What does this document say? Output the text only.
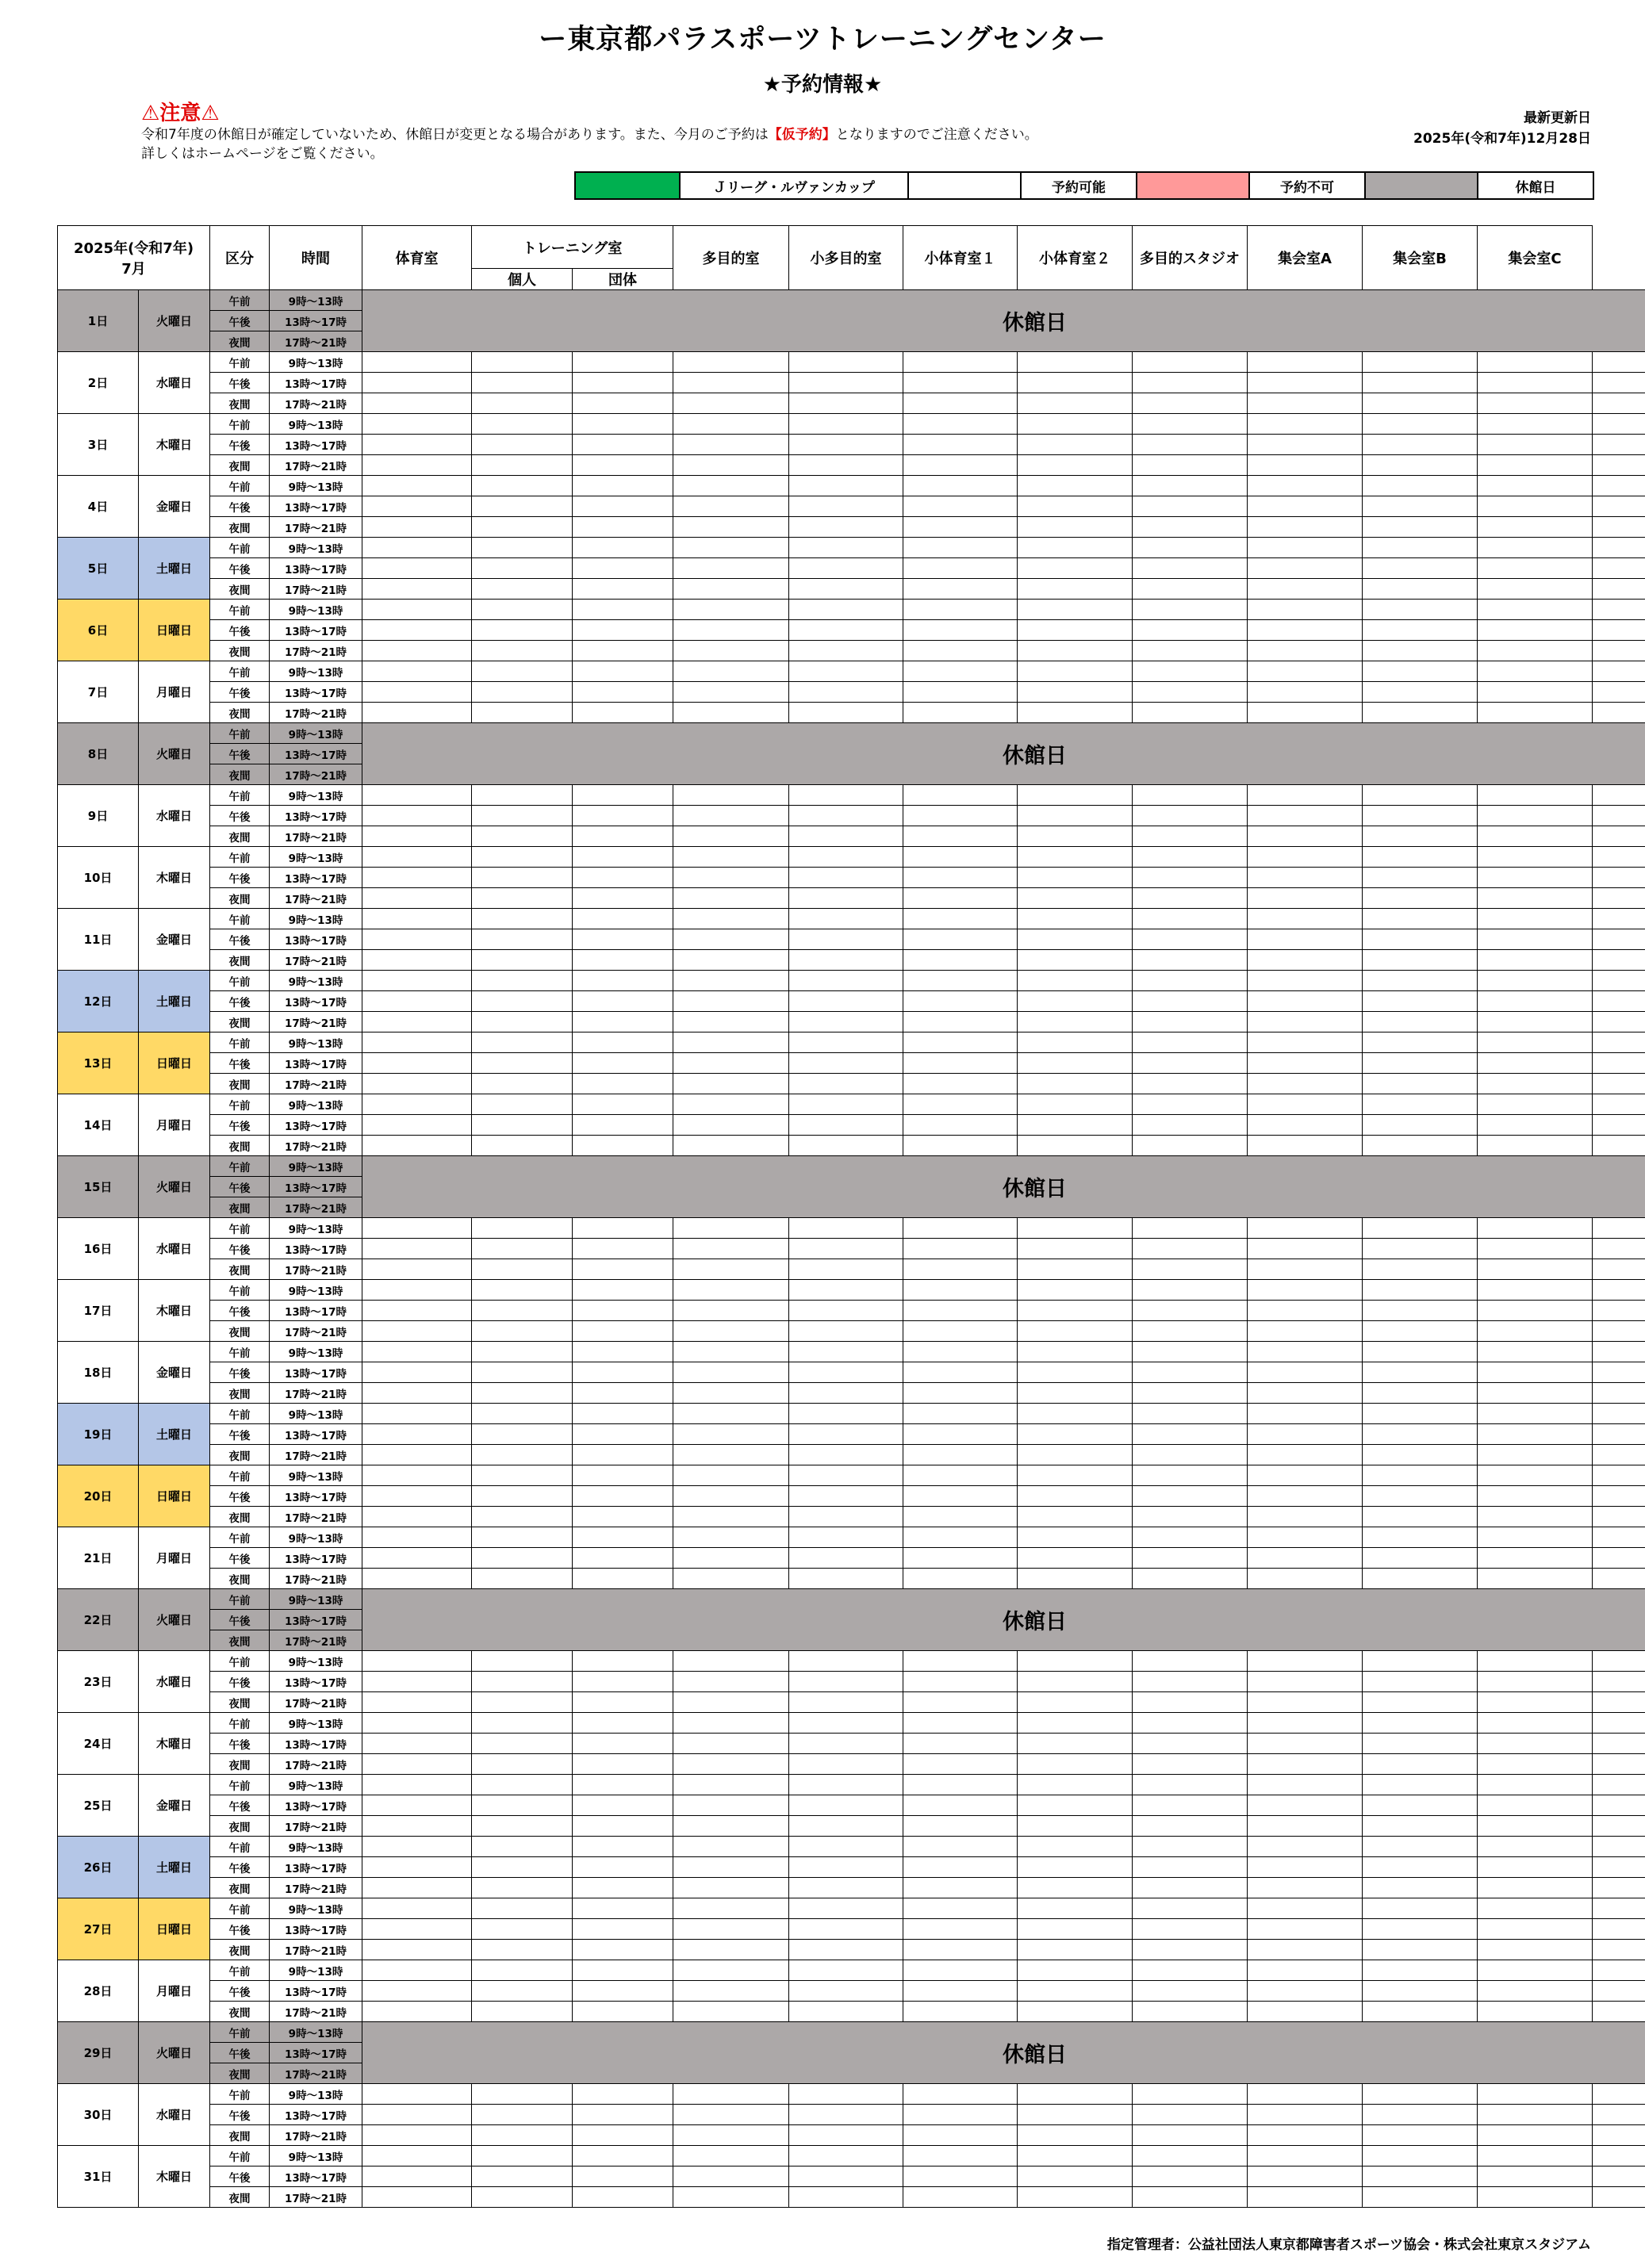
ー東京都パラスポーツトレーニングセンター
★予約情報★
⚠注意⚠
令和7年度の休館日が確定していないため、休館日が変更となる場合があります。また、今月のご予約は【仮予約】となりますのでご注意ください。
詳しくはホームページをご覧ください。
最新更新日
2025年(令和7年)12月28日
	Ｊリーグ・ルヴァンカップ		予約可能		予約不可		休館日
2025年(令和7年)
7月		区分	時間	体育室	トレーニング室		多目的室	小多目的室	小体育室１	小体育室２	多目的スタジオ	集会室A	集会室B	集会室C	
					個人	団体									
1日	火曜日	午前	9時～13時	休館日											
		午後	13時～17時												
		夜間	17時～21時												
2日	水曜日	午前	9時～13時												
		午後	13時～17時												
		夜間	17時～21時												
3日	木曜日	午前	9時～13時												
		午後	13時～17時												
		夜間	17時～21時												
4日	金曜日	午前	9時～13時												
		午後	13時～17時												
		夜間	17時～21時												
5日	土曜日	午前	9時～13時												
		午後	13時～17時												
		夜間	17時～21時												
6日	日曜日	午前	9時～13時												
		午後	13時～17時												
		夜間	17時～21時												
7日	月曜日	午前	9時～13時												
		午後	13時～17時												
		夜間	17時～21時												
8日	火曜日	午前	9時～13時	休館日											
		午後	13時～17時												
		夜間	17時～21時												
9日	水曜日	午前	9時～13時												
		午後	13時～17時												
		夜間	17時～21時												
10日	木曜日	午前	9時～13時												
		午後	13時～17時												
		夜間	17時～21時												
11日	金曜日	午前	9時～13時												
		午後	13時～17時												
		夜間	17時～21時												
12日	土曜日	午前	9時～13時												
		午後	13時～17時												
		夜間	17時～21時												
13日	日曜日	午前	9時～13時												
		午後	13時～17時												
		夜間	17時～21時												
14日	月曜日	午前	9時～13時												
		午後	13時～17時												
		夜間	17時～21時												
15日	火曜日	午前	9時～13時	休館日											
		午後	13時～17時												
		夜間	17時～21時												
16日	水曜日	午前	9時～13時												
		午後	13時～17時												
		夜間	17時～21時												
17日	木曜日	午前	9時～13時												
		午後	13時～17時												
		夜間	17時～21時												
18日	金曜日	午前	9時～13時												
		午後	13時～17時												
		夜間	17時～21時												
19日	土曜日	午前	9時～13時												
		午後	13時～17時												
		夜間	17時～21時												
20日	日曜日	午前	9時～13時												
		午後	13時～17時												
		夜間	17時～21時												
21日	月曜日	午前	9時～13時												
		午後	13時～17時												
		夜間	17時～21時												
22日	火曜日	午前	9時～13時	休館日											
		午後	13時～17時												
		夜間	17時～21時												
23日	水曜日	午前	9時～13時												
		午後	13時～17時												
		夜間	17時～21時												
24日	木曜日	午前	9時～13時												
		午後	13時～17時												
		夜間	17時～21時												
25日	金曜日	午前	9時～13時												
		午後	13時～17時												
		夜間	17時～21時												
26日	土曜日	午前	9時～13時												
		午後	13時～17時												
		夜間	17時～21時												
27日	日曜日	午前	9時～13時												
		午後	13時～17時												
		夜間	17時～21時												
28日	月曜日	午前	9時～13時												
		午後	13時～17時												
		夜間	17時～21時												
29日	火曜日	午前	9時～13時	休館日											
		午後	13時～17時												
		夜間	17時～21時												
30日	水曜日	午前	9時～13時												
		午後	13時～17時												
		夜間	17時～21時												
31日	木曜日	午前	9時～13時												
		午後	13時～17時												
		夜間	17時～21時												
指定管理者：公益社団法人東京都障害者スポーツ協会・株式会社東京スタジアム
